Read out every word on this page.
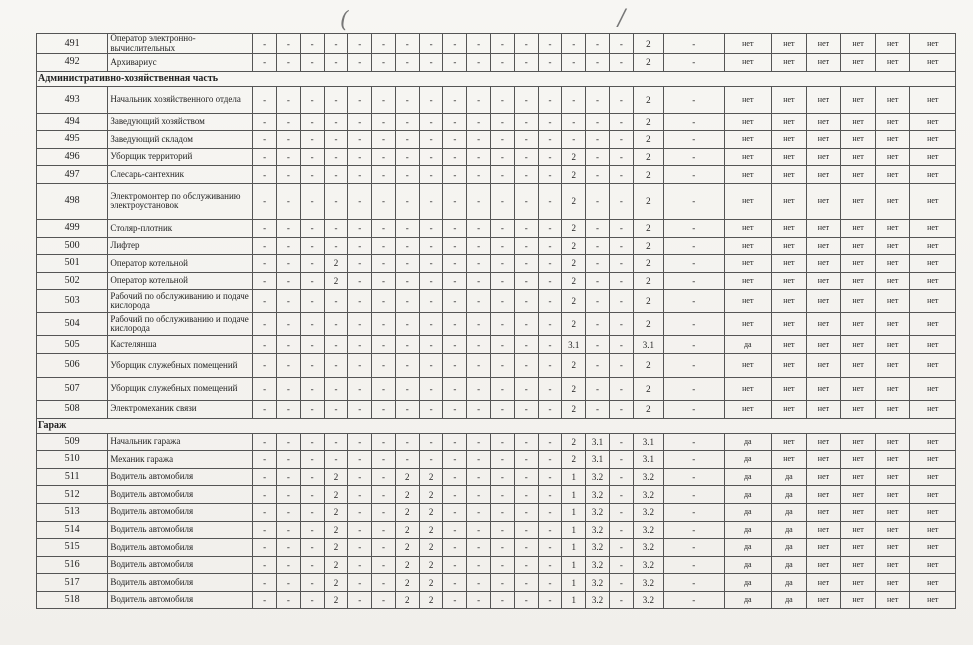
(	/
491	Оператор электронно-вычислительных	-	-	-	-	-	-	-	-	-	-	-	-	-	-	-	-	2	-	нет	нет	нет	нет	нет	нет
492	Архивариус	-	-	-	-	-	-	-	-	-	-	-	-	-	-	-	-	2	-	нет	нет	нет	нет	нет	нет
Административно-хозяйственная часть																									
493	Начальник хозяйственного отдела	-	-	-	-	-	-	-	-	-	-	-	-	-	-	-	-	2	-	нет	нет	нет	нет	нет	нет
494	Заведующий хозяйством	-	-	-	-	-	-	-	-	-	-	-	-	-	-	-	-	2	-	нет	нет	нет	нет	нет	нет
495	Заведующий складом	-	-	-	-	-	-	-	-	-	-	-	-	-	-	-	-	2	-	нет	нет	нет	нет	нет	нет
496	Уборщик территорий	-	-	-	-	-	-	-	-	-	-	-	-	-	2	-	-	2	-	нет	нет	нет	нет	нет	нет
497	Слесарь-сантехник	-	-	-	-	-	-	-	-	-	-	-	-	-	2	-	-	2	-	нет	нет	нет	нет	нет	нет
498	Электромонтер по обслуживанию электроустановок	-	-	-	-	-	-	-	-	-	-	-	-	-	2	-	-	2	-	нет	нет	нет	нет	нет	нет
499	Столяр-плотник	-	-	-	-	-	-	-	-	-	-	-	-	-	2	-	-	2	-	нет	нет	нет	нет	нет	нет
500	Лифтер	-	-	-	-	-	-	-	-	-	-	-	-	-	2	-	-	2	-	нет	нет	нет	нет	нет	нет
501	Оператор котельной	-	-	-	2	-	-	-	-	-	-	-	-	-	2	-	-	2	-	нет	нет	нет	нет	нет	нет
502	Оператор котельной	-	-	-	2	-	-	-	-	-	-	-	-	-	2	-	-	2	-	нет	нет	нет	нет	нет	нет
503	Рабочий по обслуживанию и подаче кислорода	-	-	-	-	-	-	-	-	-	-	-	-	-	2	-	-	2	-	нет	нет	нет	нет	нет	нет
504	Рабочий по обслуживанию и подаче кислорода	-	-	-	-	-	-	-	-	-	-	-	-	-	2	-	-	2	-	нет	нет	нет	нет	нет	нет
505	Кастелянша	-	-	-	-	-	-	-	-	-	-	-	-	-	3.1	-	-	3.1	-	да	нет	нет	нет	нет	нет
506	Уборщик служебных помещений	-	-	-	-	-	-	-	-	-	-	-	-	-	2	-	-	2	-	нет	нет	нет	нет	нет	нет
507	Уборщик служебных помещений	-	-	-	-	-	-	-	-	-	-	-	-	-	2	-	-	2	-	нет	нет	нет	нет	нет	нет
508	Электромеханик связи	-	-	-	-	-	-	-	-	-	-	-	-	-	2	-	-	2	-	нет	нет	нет	нет	нет	нет
Гараж																									
509	Начальник гаража	-	-	-	-	-	-	-	-	-	-	-	-	-	2	3.1	-	3.1	-	да	нет	нет	нет	нет	нет
510	Механик гаража	-	-	-	-	-	-	-	-	-	-	-	-	-	2	3.1	-	3.1	-	да	нет	нет	нет	нет	нет
511	Водитель автомобиля	-	-	-	2	-	-	2	2	-	-	-	-	-	1	3.2	-	3.2	-	да	да	нет	нет	нет	нет
512	Водитель автомобиля	-	-	-	2	-	-	2	2	-	-	-	-	-	1	3.2	-	3.2	-	да	да	нет	нет	нет	нет
513	Водитель автомобиля	-	-	-	2	-	-	2	2	-	-	-	-	-	1	3.2	-	3.2	-	да	да	нет	нет	нет	нет
514	Водитель автомобиля	-	-	-	2	-	-	2	2	-	-	-	-	-	1	3.2	-	3.2	-	да	да	нет	нет	нет	нет
515	Водитель автомобиля	-	-	-	2	-	-	2	2	-	-	-	-	-	1	3.2	-	3.2	-	да	да	нет	нет	нет	нет
516	Водитель автомобиля	-	-	-	2	-	-	2	2	-	-	-	-	-	1	3.2	-	3.2	-	да	да	нет	нет	нет	нет
517	Водитель автомобиля	-	-	-	2	-	-	2	2	-	-	-	-	-	1	3.2	-	3.2	-	да	да	нет	нет	нет	нет
518	Водитель автомобиля	-	-	-	2	-	-	2	2	-	-	-	-	-	1	3.2	-	3.2	-	да	да	нет	нет	нет	нет
